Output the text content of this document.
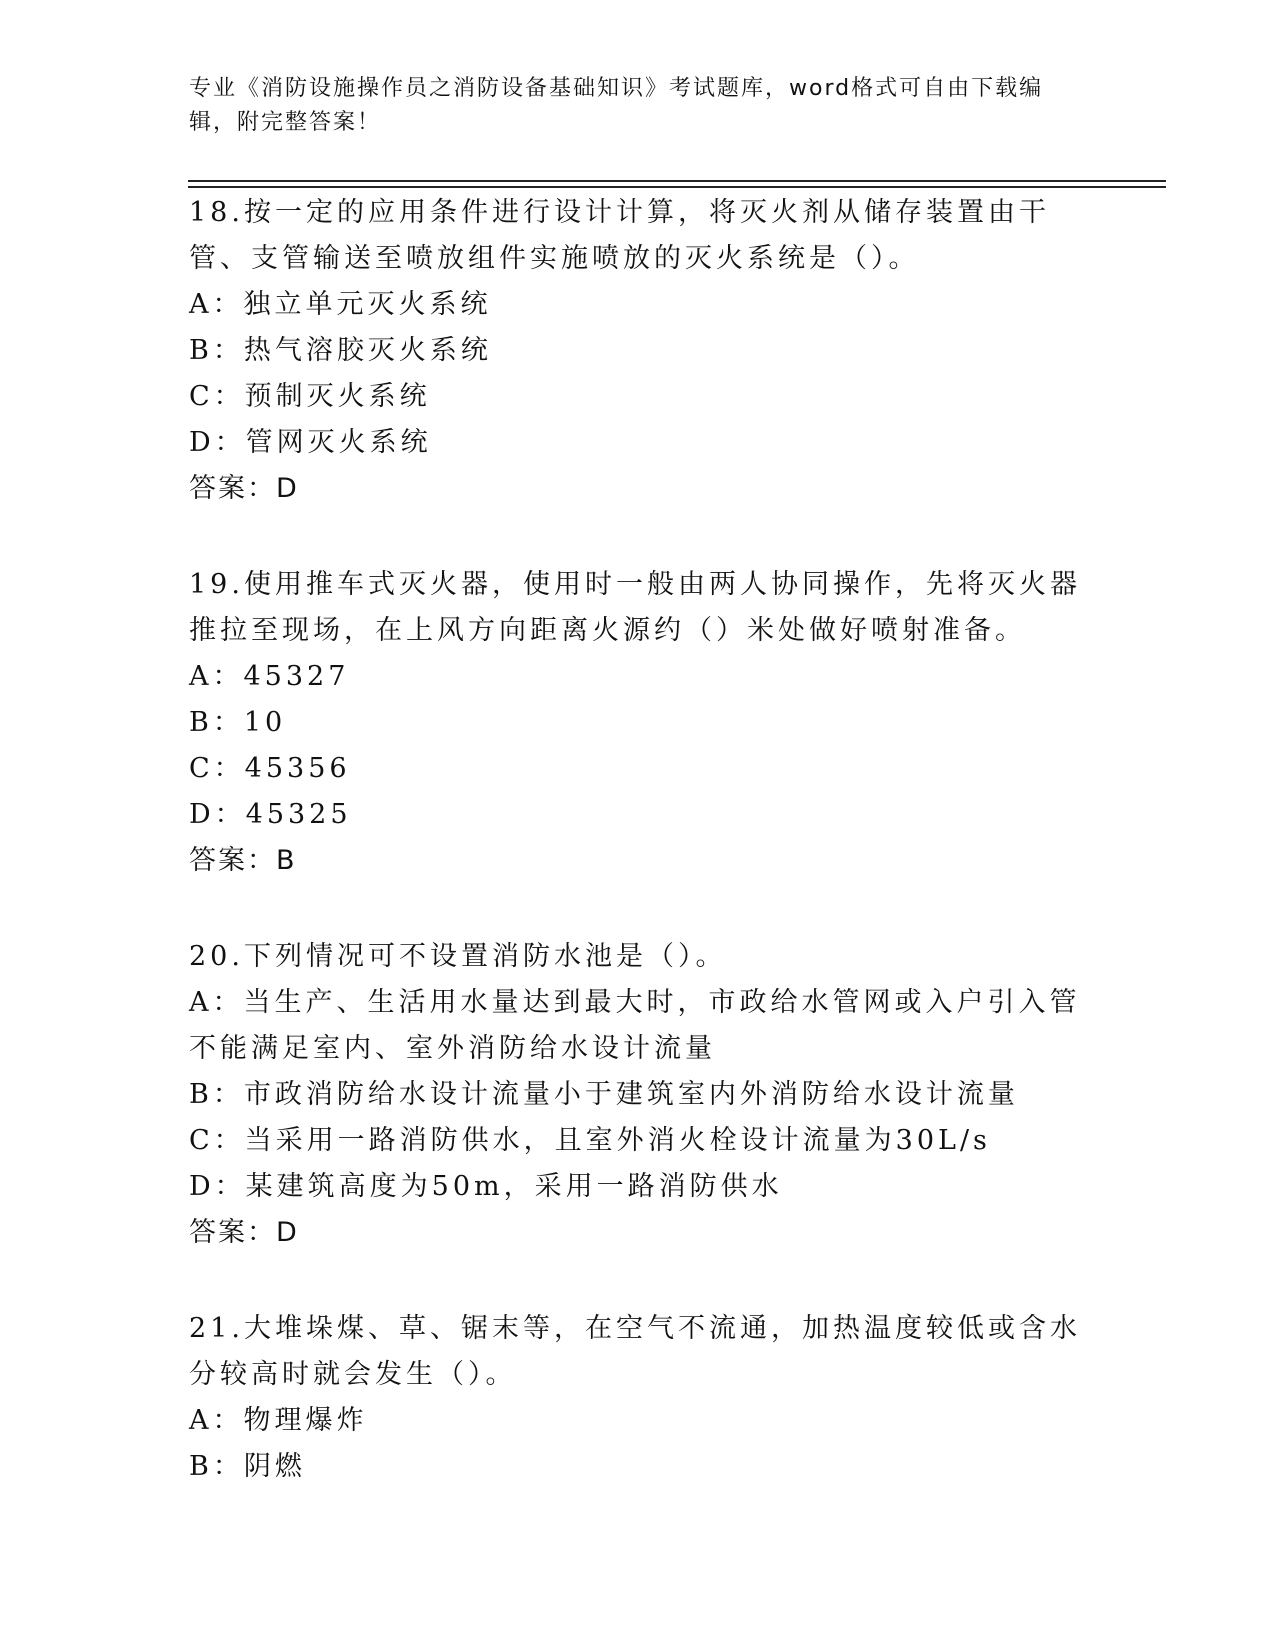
专业《消防设施操作员之消防设备基础知识》考试题库，word格式可自由下载编辑，附完整答案！
18.按一定的应用条件进行设计计算，将灭火剂从储存装置由干管、支管输送至喷放组件实施喷放的灭火系统是（）。
A：独立单元灭火系统
B：热气溶胶灭火系统
C：预制灭火系统
D：管网灭火系统
答案：D
19.使用推车式灭火器，使用时一般由两人协同操作，先将灭火器推拉至现场，在上风方向距离火源约（）米处做好喷射准备。
A：45327
B：10
C：45356
D：45325
答案：B
20.下列情况可不设置消防水池是（）。
A：当生产、生活用水量达到最大时，市政给水管网或入户引入管不能满足室内、室外消防给水设计流量
B：市政消防给水设计流量小于建筑室内外消防给水设计流量
C：当采用一路消防供水，且室外消火栓设计流量为30L/s
D：某建筑高度为50m，采用一路消防供水
答案：D
21.大堆垛煤、草、锯末等，在空气不流通，加热温度较低或含水分较高时就会发生（）。
A：物理爆炸
B：阴燃
